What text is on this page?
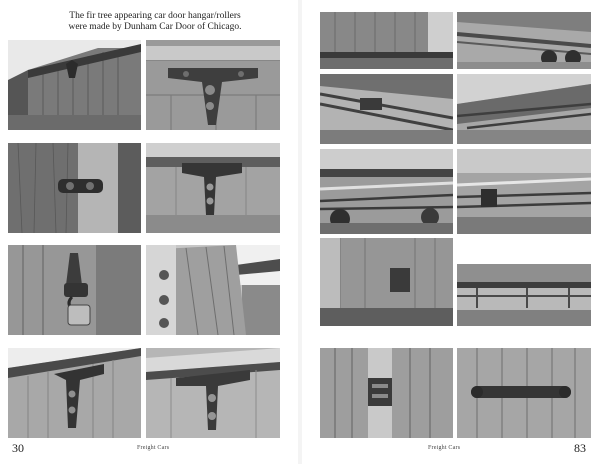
The fir tree appearing car door hangar/rollers
were made by Dunham Car Door of Chicago.
30	Freight Cars	Freight Cars	83
